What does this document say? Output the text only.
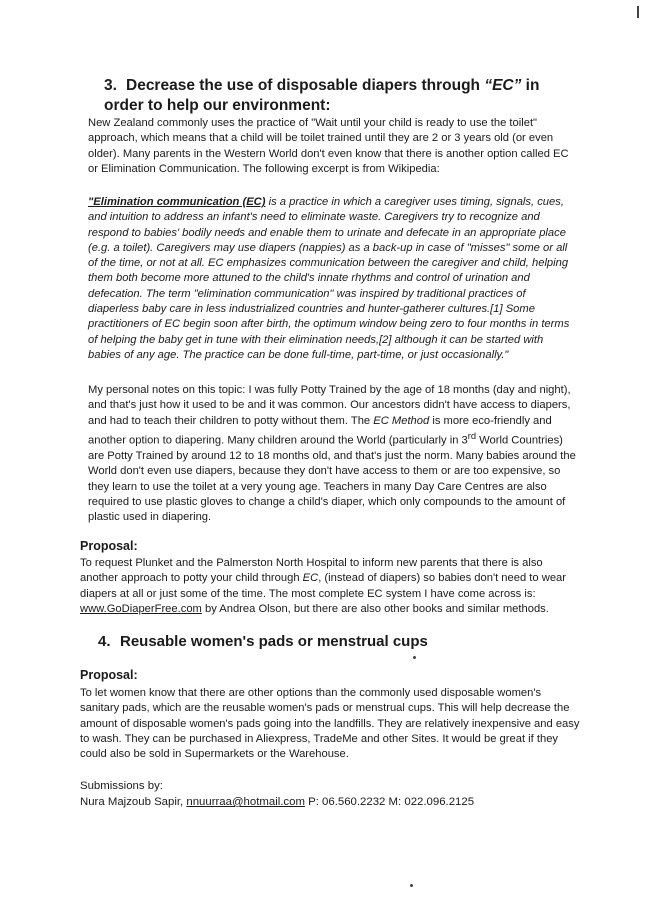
3. Decrease the use of disposable diapers through “EC” in order to help our environment:
New Zealand commonly uses the practice of "Wait until your child is ready to use the toilet" approach, which means that a child will be toilet trained until they are 2 or 3 years old (or even older). Many parents in the Western World don't even know that there is another option called EC or Elimination Communication. The following excerpt is from Wikipedia:
"Elimination communication (EC) is a practice in which a caregiver uses timing, signals, cues, and intuition to address an infant's need to eliminate waste. Caregivers try to recognize and respond to babies' bodily needs and enable them to urinate and defecate in an appropriate place (e.g. a toilet). Caregivers may use diapers (nappies) as a back-up in case of "misses" some or all of the time, or not at all. EC emphasizes communication between the caregiver and child, helping them both become more attuned to the child's innate rhythms and control of urination and defecation. The term "elimination communication" was inspired by traditional practices of diaperless baby care in less industrialized countries and hunter-gatherer cultures.[1] Some practitioners of EC begin soon after birth, the optimum window being zero to four months in terms of helping the baby get in tune with their elimination needs,[2] although it can be started with babies of any age. The practice can be done full-time, part-time, or just occasionally."
My personal notes on this topic: I was fully Potty Trained by the age of 18 months (day and night), and that's just how it used to be and it was common. Our ancestors didn't have access to diapers, and had to teach their children to potty without them. The EC Method is more eco-friendly and another option to diapering. Many children around the World (particularly in 3rd World Countries) are Potty Trained by around 12 to 18 months old, and that's just the norm. Many babies around the World don't even use diapers, because they don't have access to them or are too expensive, so they learn to use the toilet at a very young age. Teachers in many Day Care Centres are also required to use plastic gloves to change a child's diaper, which only compounds to the amount of plastic used in diapering.
Proposal:
To request Plunket and the Palmerston North Hospital to inform new parents that there is also another approach to potty your child through EC, (instead of diapers) so babies don't need to wear diapers at all or just some of the time. The most complete EC system I have come across is: www.GoDiaperFree.com by Andrea Olson, but there are also other books and similar methods.
4. Reusable women's pads or menstrual cups
Proposal:
To let women know that there are other options than the commonly used disposable women's sanitary pads, which are the reusable women's pads or menstrual cups. This will help decrease the amount of disposable women's pads going into the landfills. They are relatively inexpensive and easy to wash. They can be purchased in Aliexpress, TradeMe and other Sites. It would be great if they could also be sold in Supermarkets or the Warehouse.
Submissions by:
Nura Majzoub Sapir, nnuurraa@hotmail.com P: 06.560.2232 M: 022.096.2125
